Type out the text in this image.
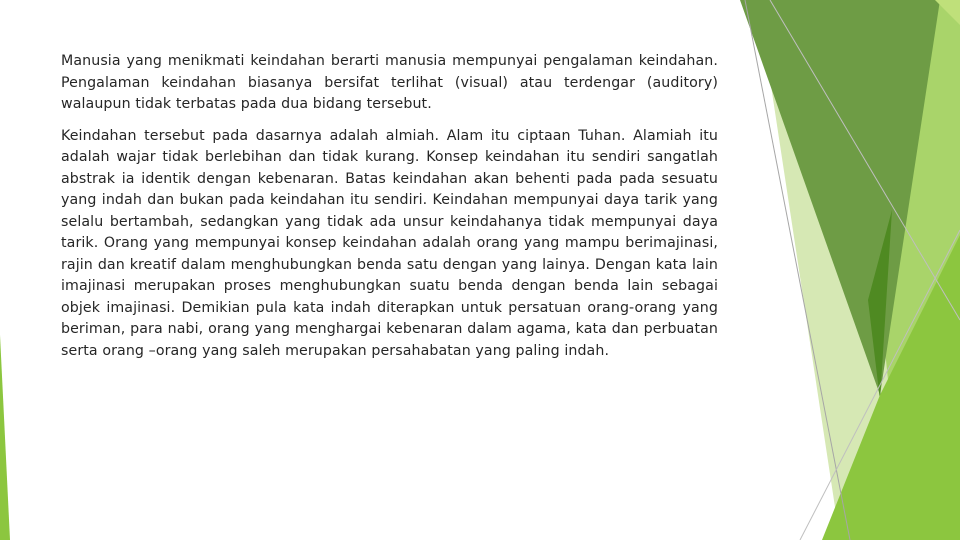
Manusia yang menikmati keindahan berarti manusia mempunyai pengalaman keindahan. Pengalaman keindahan biasanya bersifat terlihat (visual) atau terdengar (auditory) walaupun tidak terbatas pada dua bidang tersebut.

Keindahan tersebut pada dasarnya adalah almiah. Alam itu ciptaan Tuhan. Alamiah itu adalah wajar tidak berlebihan dan tidak kurang. Konsep keindahan itu sendiri sangatlah abstrak ia identik dengan kebenaran. Batas keindahan akan behenti pada pada sesuatu yang indah dan bukan pada keindahan itu sendiri. Keindahan mempunyai daya tarik yang selalu bertambah, sedangkan yang tidak ada unsur keindahanya tidak mempunyai daya tarik. Orang yang mempunyai konsep keindahan adalah orang yang mampu berimajinasi, rajin dan kreatif dalam menghubungkan benda satu dengan yang lainya. Dengan kata lain imajinasi merupakan proses menghubungkan suatu benda dengan benda lain sebagai objek imajinasi. Demikian pula kata indah diterapkan untuk persatuan orang-orang yang beriman, para nabi, orang yang menghargai kebenaran dalam agama, kata dan perbuatan serta orang –orang yang saleh merupakan persahabatan yang paling indah.
